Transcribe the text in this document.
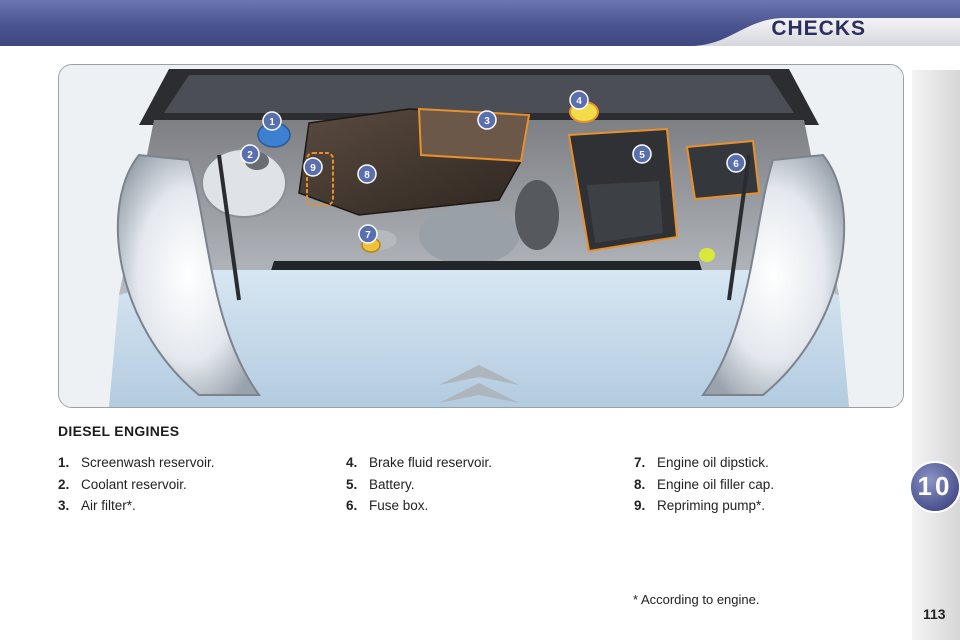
CHECKS
10
1
2
3
4
5
6
7
8
9
DIESEL ENGINES
1. Screenwash reservoir.
2. Coolant reservoir.
3. Air filter*.
4. Brake fluid reservoir.
5. Battery.
6. Fuse box.
7. Engine oil dipstick.
8. Engine oil filler cap.
9. Repriming pump*.
* According to engine.
113
